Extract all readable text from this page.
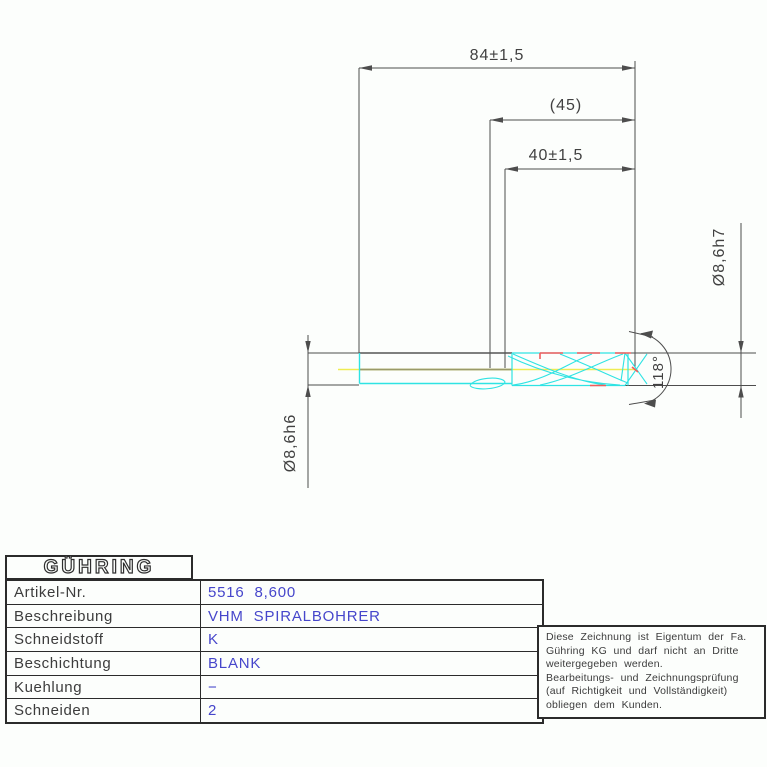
84±1,5
(45)
40±1,5
Ø8,6h6
Ø8,6h7
118°
GÜHRING
Artikel-Nr.	5516  8,600
Beschreibung	VHM  SPIRALBOHRER
Schneidstoff	K
Beschichtung	BLANK
Kuehlung	−
Schneiden	2
Diese Zeichnung ist Eigentum der Fa.
Gühring KG und darf nicht an Dritte
weitergegeben werden.
Bearbeitungs- und Zeichnungsprüfung
(auf Richtigkeit und Vollständigkeit)
obliegen dem Kunden.
